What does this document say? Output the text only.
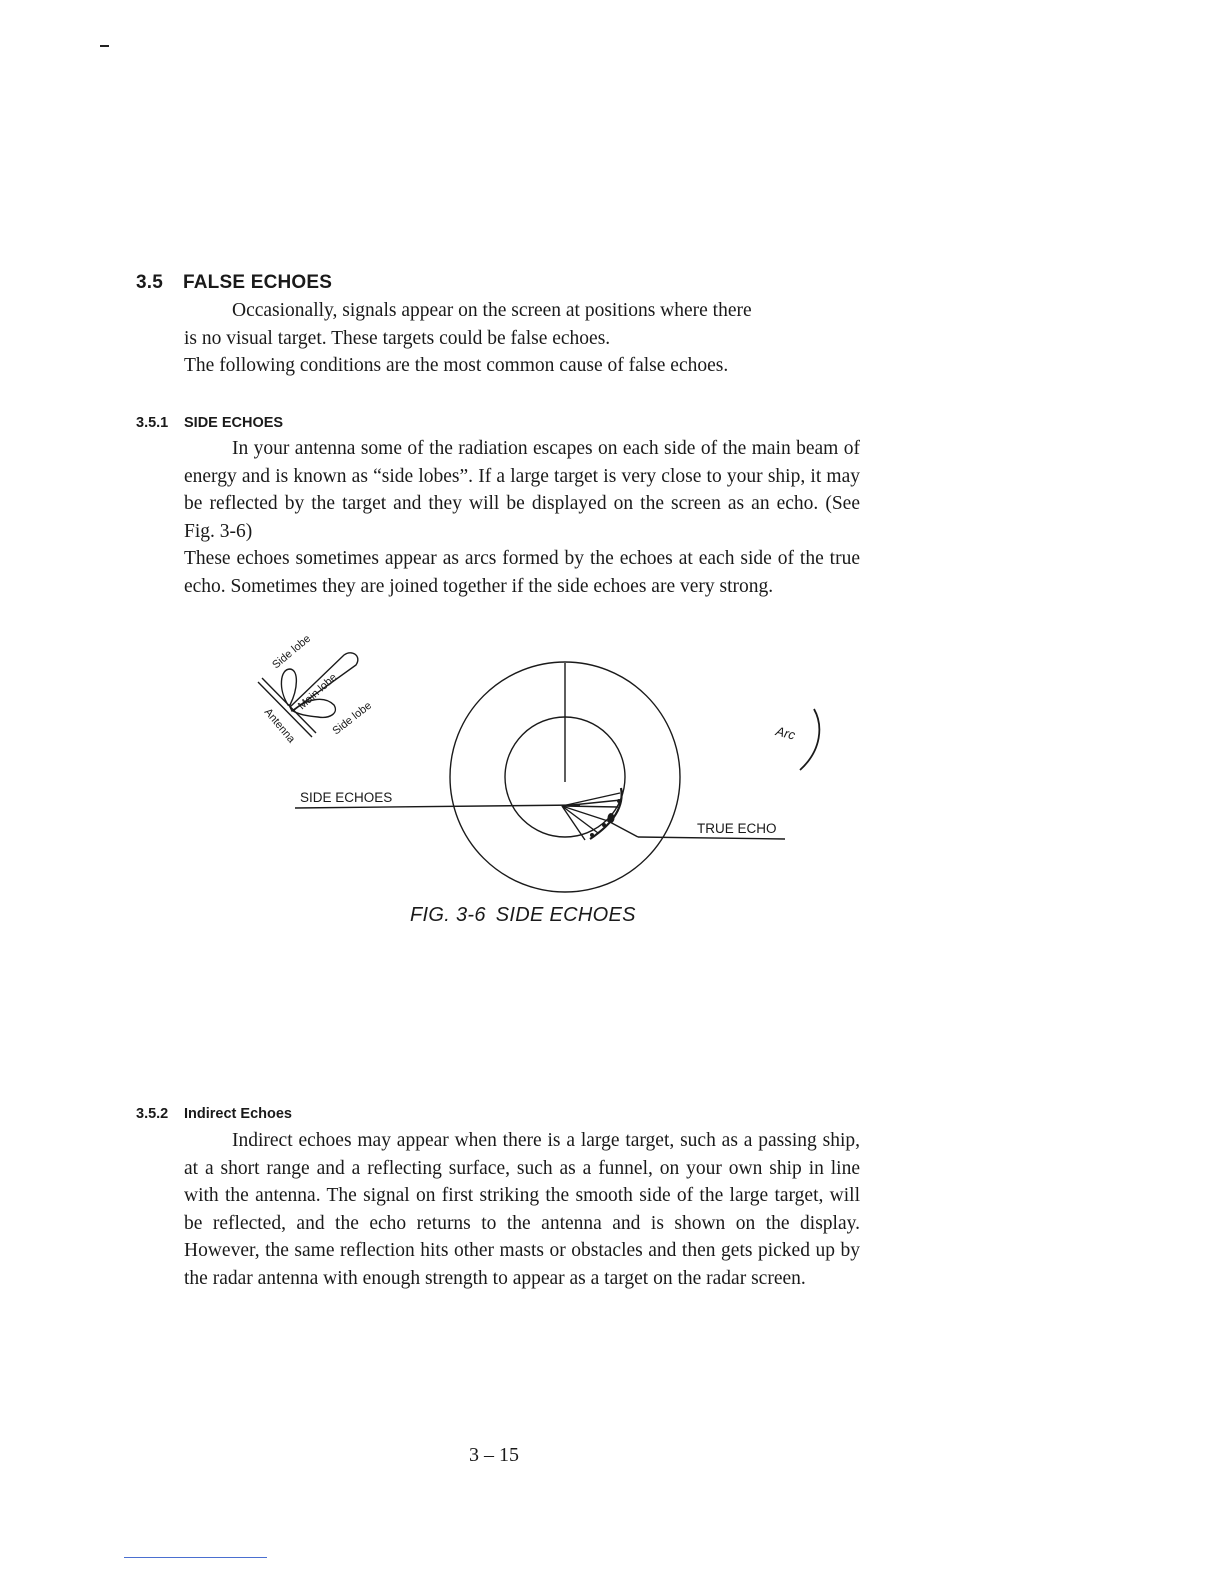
3.5 FALSE ECHOES
Occasionally, signals appear on the screen at positions where there
is no visual target. These targets could be false echoes.
The following conditions are the most common cause of false echoes.
3.5.1 SIDE ECHOES

In your antenna some of the radiation escapes on each side of the main beam of energy and is known as “side lobes”. If a large target is very close to your ship, it may be reflected by the target and they will be displayed on the screen as an echo. (See Fig. 3-6)

These echoes sometimes appear as arcs formed by the echoes at each side of the true echo. Sometimes they are joined together if the side echoes are very strong.

Side lobe
Main lobe
Side lobe
Antenna
SIDE ECHOES
TRUE ECHO
Arc
FIG. 3-6 SIDE ECHOES
3.5.2 Indirect Echoes

Indirect echoes may appear when there is a large target, such as a passing ship, at a short range and a reflecting surface, such as a funnel, on your own ship in line with the antenna. The signal on first striking the smooth side of the large target, will be reflected, and the echo returns to the antenna and is shown on the display. However, the same reflection hits other masts or obstacles and then gets picked up by the radar antenna with enough strength to appear as a target on the radar screen.

3 – 15
